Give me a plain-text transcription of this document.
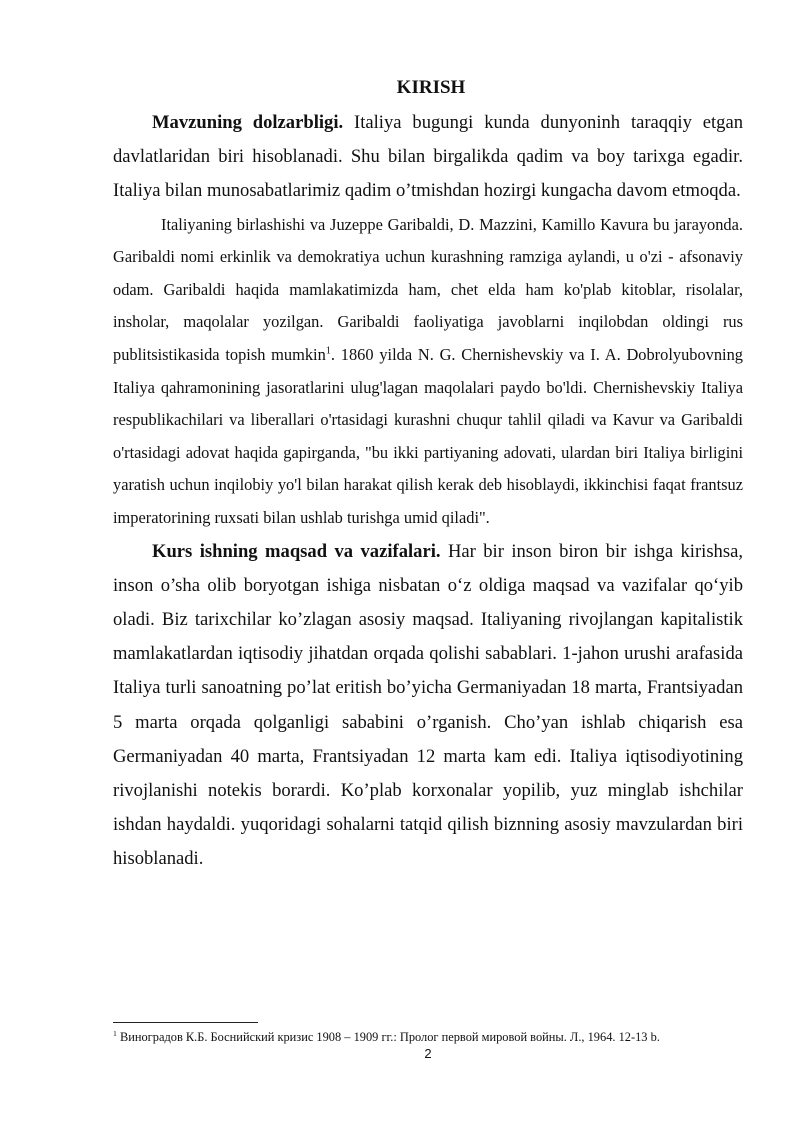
KIRISH

Mavzuning dolzarbligi. Italiya bugungi kunda dunyoninh taraqqiy etgan davlatlaridan biri hisoblanadi. Shu bilan birgalikda qadim va boy tarixga egadir. Italiya bilan munosabatlarimiz qadim o’tmishdan hozirgi kungacha davom etmoqda.

Italiyaning birlashishi va Juzeppe Garibaldi, D. Mazzini, Kamillo Kavura bu jarayonda. Garibaldi nomi erkinlik va demokratiya uchun kurashning ramziga aylandi, u o'zi - afsonaviy odam. Garibaldi haqida mamlakatimizda ham, chet elda ham ko'plab kitoblar, risolalar, insholar, maqolalar yozilgan. Garibaldi faoliyatiga javoblarni inqilobdan oldingi rus publitsistikasida topish mumkin$^1$. 1860 yilda N. G. Chernishevskiy va I. A. Dobrolyubovning Italiya qahramonining jasoratlarini ulug'lagan maqolalari paydo bo'ldi. Chernishevskiy Italiya respublikachilari va liberallari o'rtasidagi kurashni chuqur tahlil qiladi va Kavur va Garibaldi o'rtasidagi adovat haqida gapirganda, "bu ikki partiyaning adovati, ulardan biri Italiya birligini yaratish uchun inqilobiy yo'l bilan harakat qilish kerak deb hisoblaydi, ikkinchisi faqat frantsuz imperatorining ruxsati bilan ushlab turishga umid qiladi".

Kurs ishning maqsad va vazifalari. Har bir inson biron bir ishga kirishsa, inson o’sha olib boryotgan ishiga nisbatan o‘z oldiga maqsad va vazifalar qo‘yib oladi. Biz tarixchilar ko’zlagan asosiy maqsad. Italiyaning rivojlangan kapitalistik mamlakatlardan iqtisodiy jihatdan orqada qolishi sabablari. 1-jahon urushi arafasida Italiya turli sanoatning po’lat eritish bo’yicha Germaniyadan 18 marta, Frantsiyadan 5 marta orqada qolganligi sababini o’rganish. Cho’yan ishlab chiqarish esa Germaniyadan 40 marta, Frantsiyadan 12 marta kam edi. Italiya iqtisodiyotining rivojlanishi notekis borardi. Ko’plab korxonalar yopilib, yuz minglab ishchilar ishdan haydaldi. yuqoridagi sohalarni tatqid qilish biznning asosiy mavzulardan biri hisoblanadi.

$^1$ Виноградов К.Б. Боснийский кризис 1908 – 1909 гг.: Пролог первой мировой войны. Л., 1964. 12-13 b.
2
